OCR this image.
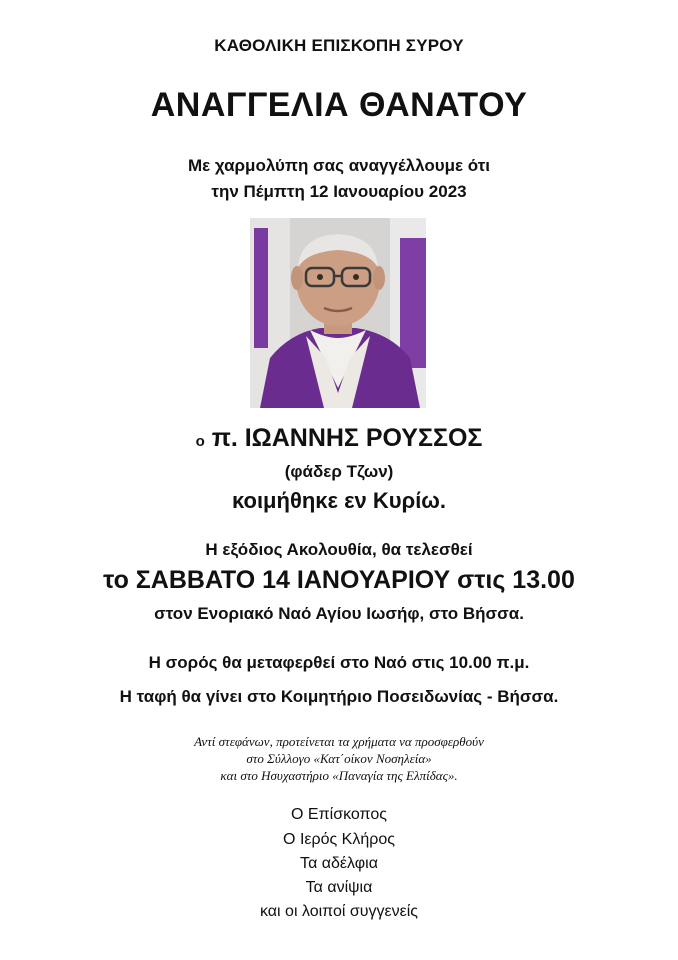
ΚΑΘΟΛΙΚΗ ΕΠΙΣΚΟΠΗ ΣΥΡΟΥ
ΑΝΑΓΓΕΛΙΑ ΘΑΝΑΤΟΥ
Με χαρμολύπη σας αναγγέλλουμε ότι
την Πέμπτη 12 Ιανουαρίου 2023
ο π. ΙΩΑΝΝΗΣ ΡΟΥΣΣΟΣ
(φάδερ Τζων)
κοιμήθηκε εν Κυρίω.
Η εξόδιος Ακολουθία, θα τελεσθεί
το ΣΑΒΒΑΤΟ 14 ΙΑΝΟΥΑΡΙΟΥ στις 13.00
στον Ενοριακό Ναό Αγίου Ιωσήφ, στο Βήσσα.
Η σορός θα μεταφερθεί στο Ναό στις 10.00 π.μ.
Η ταφή θα γίνει στο Κοιμητήριο Ποσειδωνίας - Βήσσα.
Αντί στεφάνων, προτείνεται τα χρήματα να προσφερθούν
στο Σύλλογο «Κατ΄οίκον Νοσηλεία»
και στο Ησυχαστήριο «Παναγία της Ελπίδας».
Ο Επίσκοπος
Ο Ιερός Κλήρος
Τα αδέλφια
Τα ανίψια
και οι λοιποί συγγενείς
